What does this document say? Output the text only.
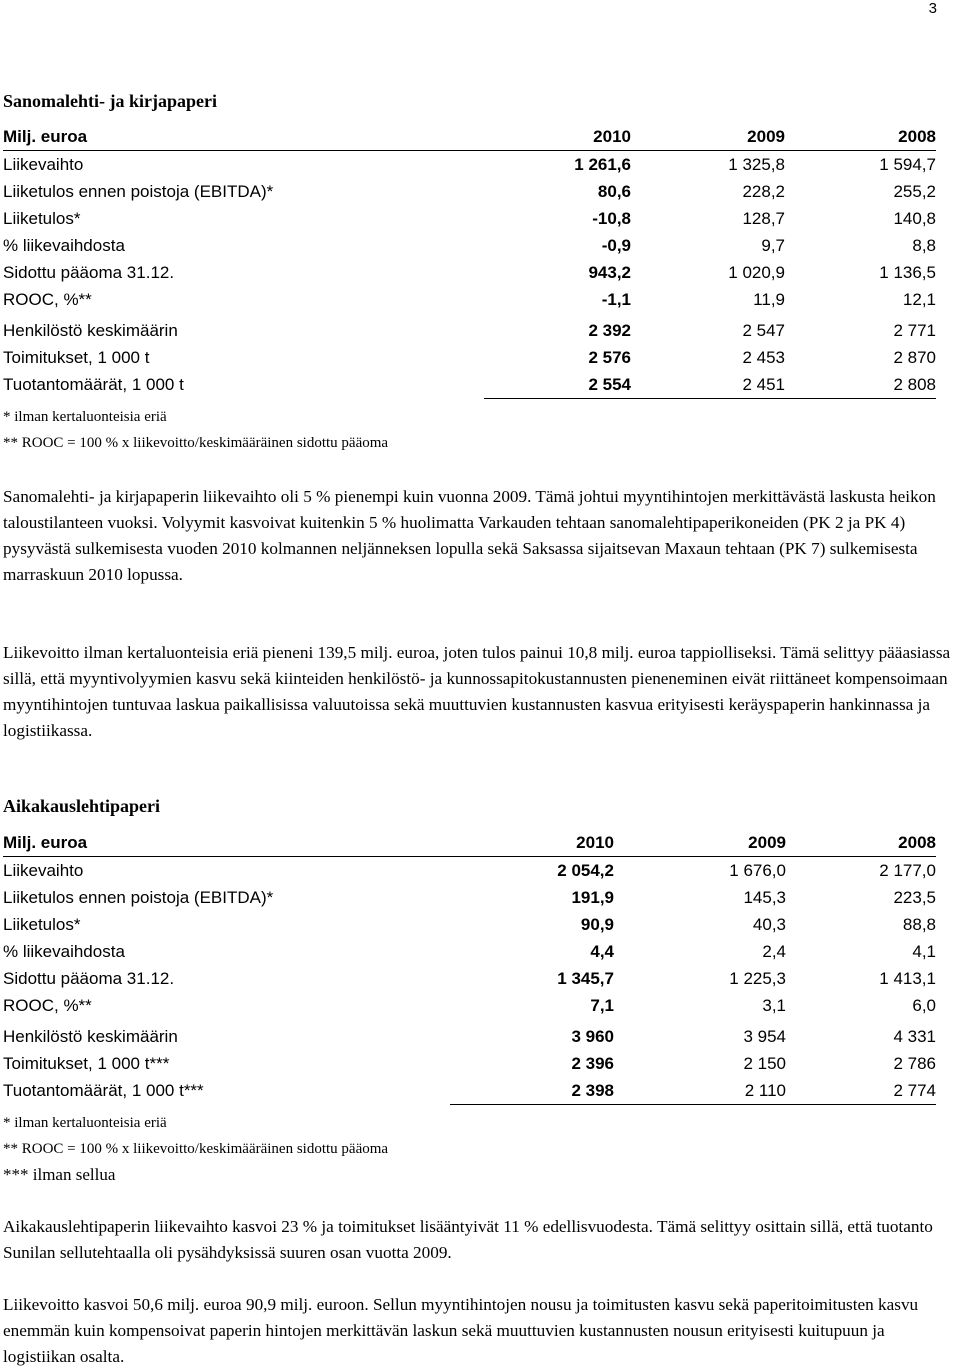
3
Sanomalehti- ja kirjapaperi
Milj. euroa	2010	2009	2008
Liikevaihto	1 261,6	1 325,8	1 594,7
Liiketulos ennen poistoja (EBITDA)*	80,6	228,2	255,2
Liiketulos*	-10,8	128,7	140,8
% liikevaihdosta	-0,9	9,7	8,8
Sidottu pääoma 31.12.	943,2	1 020,9	1 136,5
ROOC, %**	-1,1	11,9	12,1

Henkilöstö keskimäärin	2 392	2 547	2 771
Toimitukset, 1 000 t	2 576	2 453	2 870
Tuotantomäärät, 1 000 t	2 554	2 451	2 808
* ilman kertaluonteisia eriä
** ROOC = 100 % x liikevoitto/keskimääräinen sidottu pääoma

Sanomalehti- ja kirjapaperin liikevaihto oli 5 % pienempi kuin vuonna 2009. Tämä johtui myyntihintojen merkittävästä laskusta heikon taloustilanteen vuoksi. Volyymit kasvoivat kuitenkin 5 % huolimatta Varkauden tehtaan sanomalehtipaperikoneiden (PK 2 ja PK 4) pysyvästä sulkemisesta vuoden 2010 kolmannen neljänneksen lopulla sekä Saksassa sijaitsevan Maxaun tehtaan (PK 7) sulkemisesta marraskuun 2010 lopussa.

Liikevoitto ilman kertaluonteisia eriä pieneni 139,5 milj. euroa, joten tulos painui 10,8 milj. euroa tappiolliseksi. Tämä selittyy pääasiassa sillä, että myyntivolyymien kasvu sekä kiinteiden henkilöstö- ja kunnossapitokustannusten pieneneminen eivät riittäneet kompensoimaan myyntihintojen tuntuvaa laskua paikallisissa valuutoissa sekä muuttuvien kustannusten kasvua erityisesti keräyspaperin hankinnassa ja logistiikassa.

Aikakauslehtipaperi
Milj. euroa	2010	2009	2008
Liikevaihto	2 054,2	1 676,0	2 177,0
Liiketulos ennen poistoja (EBITDA)*	191,9	145,3	223,5
Liiketulos*	90,9	40,3	88,8
% liikevaihdosta	4,4	2,4	4,1
Sidottu pääoma 31.12.	1 345,7	1 225,3	1 413,1
ROOC, %**	7,1	3,1	6,0

Henkilöstö keskimäärin	3 960	3 954	4 331
Toimitukset, 1 000 t***	2 396	2 150	2 786
Tuotantomäärät, 1 000 t***	2 398	2 110	2 774
* ilman kertaluonteisia eriä
** ROOC = 100 % x liikevoitto/keskimääräinen sidottu pääoma
*** ilman sellua

Aikakauslehtipaperin liikevaihto kasvoi 23 % ja toimitukset lisääntyivät 11 % edellisvuodesta. Tämä selittyy osittain sillä, että tuotanto Sunilan sellutehtaalla oli pysähdyksissä suuren osan vuotta 2009.

Liikevoitto kasvoi 50,6 milj. euroa 90,9 milj. euroon. Sellun myyntihintojen nousu ja toimitusten kasvu sekä paperitoimitusten kasvu enemmän kuin kompensoivat paperin hintojen merkittävän laskun sekä muuttuvien kustannusten nousun erityisesti kuitupuun ja logistiikan osalta.
